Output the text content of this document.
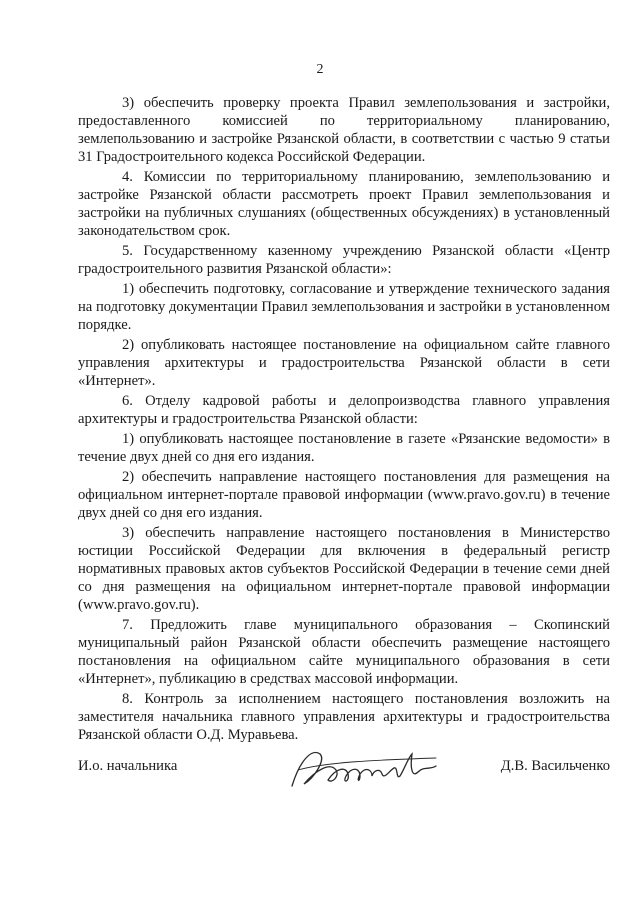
2

3) обеспечить проверку проекта Правил землепользования и застройки, предоставленного комиссией по территориальному планированию, землепользованию и застройке Рязанской области, в соответствии с частью 9 статьи 31 Градостроительного кодекса Российской Федерации.

4. Комиссии по территориальному планированию, землепользованию и застройке Рязанской области рассмотреть проект Правил землепользования и застройки на публичных слушаниях (общественных обсуждениях) в установленный законодательством срок.

5. Государственному казенному учреждению Рязанской области «Центр градостроительного развития Рязанской области»:

1) обеспечить подготовку, согласование и утверждение технического задания на подготовку документации Правил землепользования и застройки в установленном порядке.

2) опубликовать настоящее постановление на официальном сайте главного управления архитектуры и градостроительства Рязанской области в сети «Интернет».

6. Отделу кадровой работы и делопроизводства главного управления архитектуры и градостроительства Рязанской области:

1) опубликовать настоящее постановление в газете «Рязанские ведомости» в течение двух дней со дня его издания.

2) обеспечить направление настоящего постановления для размещения на официальном интернет-портале правовой информации (www.pravo.gov.ru) в течение двух дней со дня его издания.

3) обеспечить направление настоящего постановления в Министерство юстиции Российской Федерации для включения в федеральный регистр нормативных правовых актов субъектов Российской Федерации в течение семи дней со дня размещения на официальном интернет-портале правовой информации (www.pravo.gov.ru).

7. Предложить главе муниципального образования – Скопинский муниципальный район Рязанской области обеспечить размещение настоящего постановления на официальном сайте муниципального образования в сети «Интернет», публикацию в средствах массовой информации.

8. Контроль за исполнением настоящего постановления возложить на заместителя начальника главного управления архитектуры и градостроительства Рязанской области О.Д. Муравьева.

И.о. начальника	Д.В. Васильченко
